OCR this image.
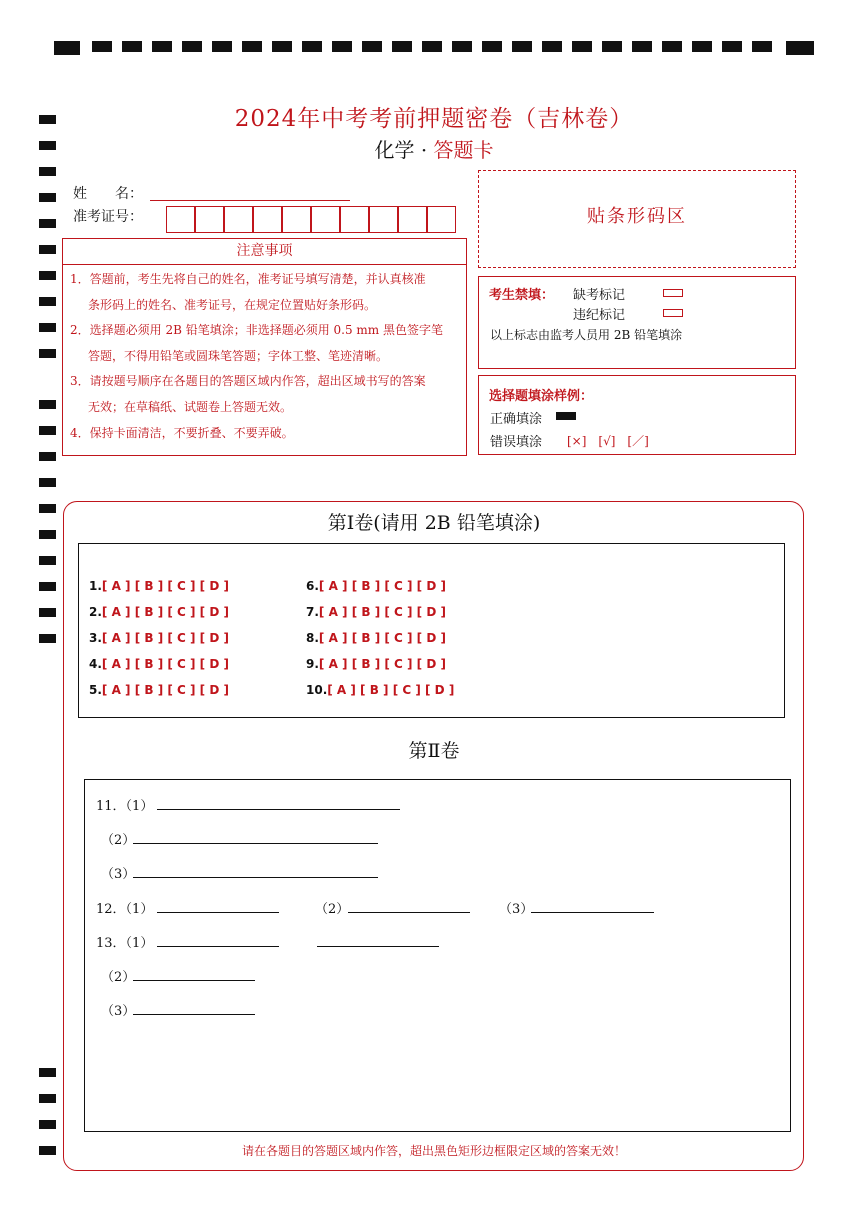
2024年中考考前押题密卷（吉林卷）
化学 · 答题卡
姓　　名：
准考证号：	贴条形码区
注意事项
1．答题前，考生先将自己的姓名，准考证号填写清楚，并认真核准
条形码上的姓名、准考证号，在规定位置贴好条形码。
2．选择题必须用 2B 铅笔填涂；非选择题必须用 0.5 mm 黑色签字笔
答题，不得用铅笔或圆珠笔答题；字体工整、笔迹清晰。
3．请按题号顺序在各题目的答题区域内作答，超出区域书写的答案
无效；在草稿纸、试题卷上答题无效。
4．保持卡面清洁，不要折叠、不要弄破。
考生禁填： 缺考标记
违纪标记
以上标志由监考人员用 2B 铅笔填涂
选择题填涂样例：
正确填涂
错误填涂 [×]　[√]　[／]
第Ⅰ卷(请用 2B 铅笔填涂)
1.[ A ] [ B ] [ C ] [ D ]
2.[ A ] [ B ] [ C ] [ D ]
3.[ A ] [ B ] [ C ] [ D ]
4.[ A ] [ B ] [ C ] [ D ]
5.[ A ] [ B ] [ C ] [ D ]
6.[ A ] [ B ] [ C ] [ D ]
7.[ A ] [ B ] [ C ] [ D ]
8.[ A ] [ B ] [ C ] [ D ]
9.[ A ] [ B ] [ C ] [ D ]
10.[ A ] [ B ] [ C ] [ D ]
第Ⅱ卷
11．（1）
（2）
（3）
12．（1）	（2）	（3）
13．（1）
（2）
（3）
请在各题目的答题区域内作答，超出黑色矩形边框限定区域的答案无效！
